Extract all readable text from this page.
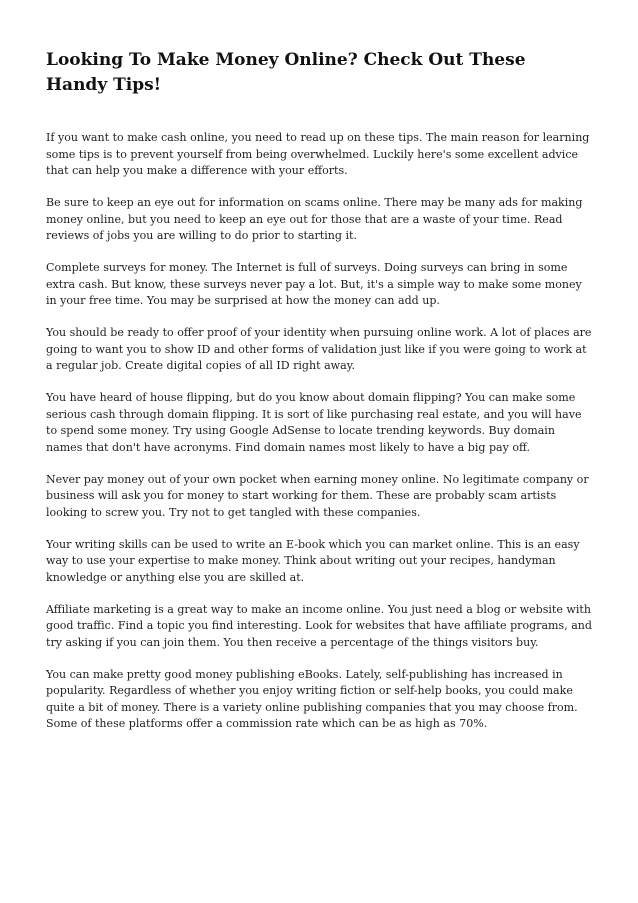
Looking To Make Money Online? Check Out These Handy Tips!

If you want to make cash online, you need to read up on these tips. The main reason for learning some tips is to prevent yourself from being overwhelmed. Luckily here's some excellent advice that can help you make a difference with your efforts.

Be sure to keep an eye out for information on scams online. There may be many ads for making money online, but you need to keep an eye out for those that are a waste of your time. Read reviews of jobs you are willing to do prior to starting it.

Complete surveys for money. The Internet is full of surveys. Doing surveys can bring in some extra cash. But know, these surveys never pay a lot. But, it's a simple way to make some money in your free time. You may be surprised at how the money can add up.

You should be ready to offer proof of your identity when pursuing online work. A lot of places are going to want you to show ID and other forms of validation just like if you were going to work at a regular job. Create digital copies of all ID right away.

You have heard of house flipping, but do you know about domain flipping? You can make some serious cash through domain flipping. It is sort of like purchasing real estate, and you will have to spend some money. Try using Google AdSense to locate trending keywords. Buy domain names that don't have acronyms. Find domain names most likely to have a big pay off.

Never pay money out of your own pocket when earning money online. No legitimate company or business will ask you for money to start working for them. These are probably scam artists looking to screw you. Try not to get tangled with these companies.

Your writing skills can be used to write an E-book which you can market online. This is an easy way to use your expertise to make money. Think about writing out your recipes, handyman knowledge or anything else you are skilled at.

Affiliate marketing is a great way to make an income online. You just need a blog or website with good traffic. Find a topic you find interesting. Look for websites that have affiliate programs, and try asking if you can join them. You then receive a percentage of the things visitors buy.

You can make pretty good money publishing eBooks. Lately, self-publishing has increased in popularity. Regardless of whether you enjoy writing fiction or self-help books, you could make quite a bit of money. There is a variety online publishing companies that you may choose from. Some of these platforms offer a commission rate which can be as high as 70%.
